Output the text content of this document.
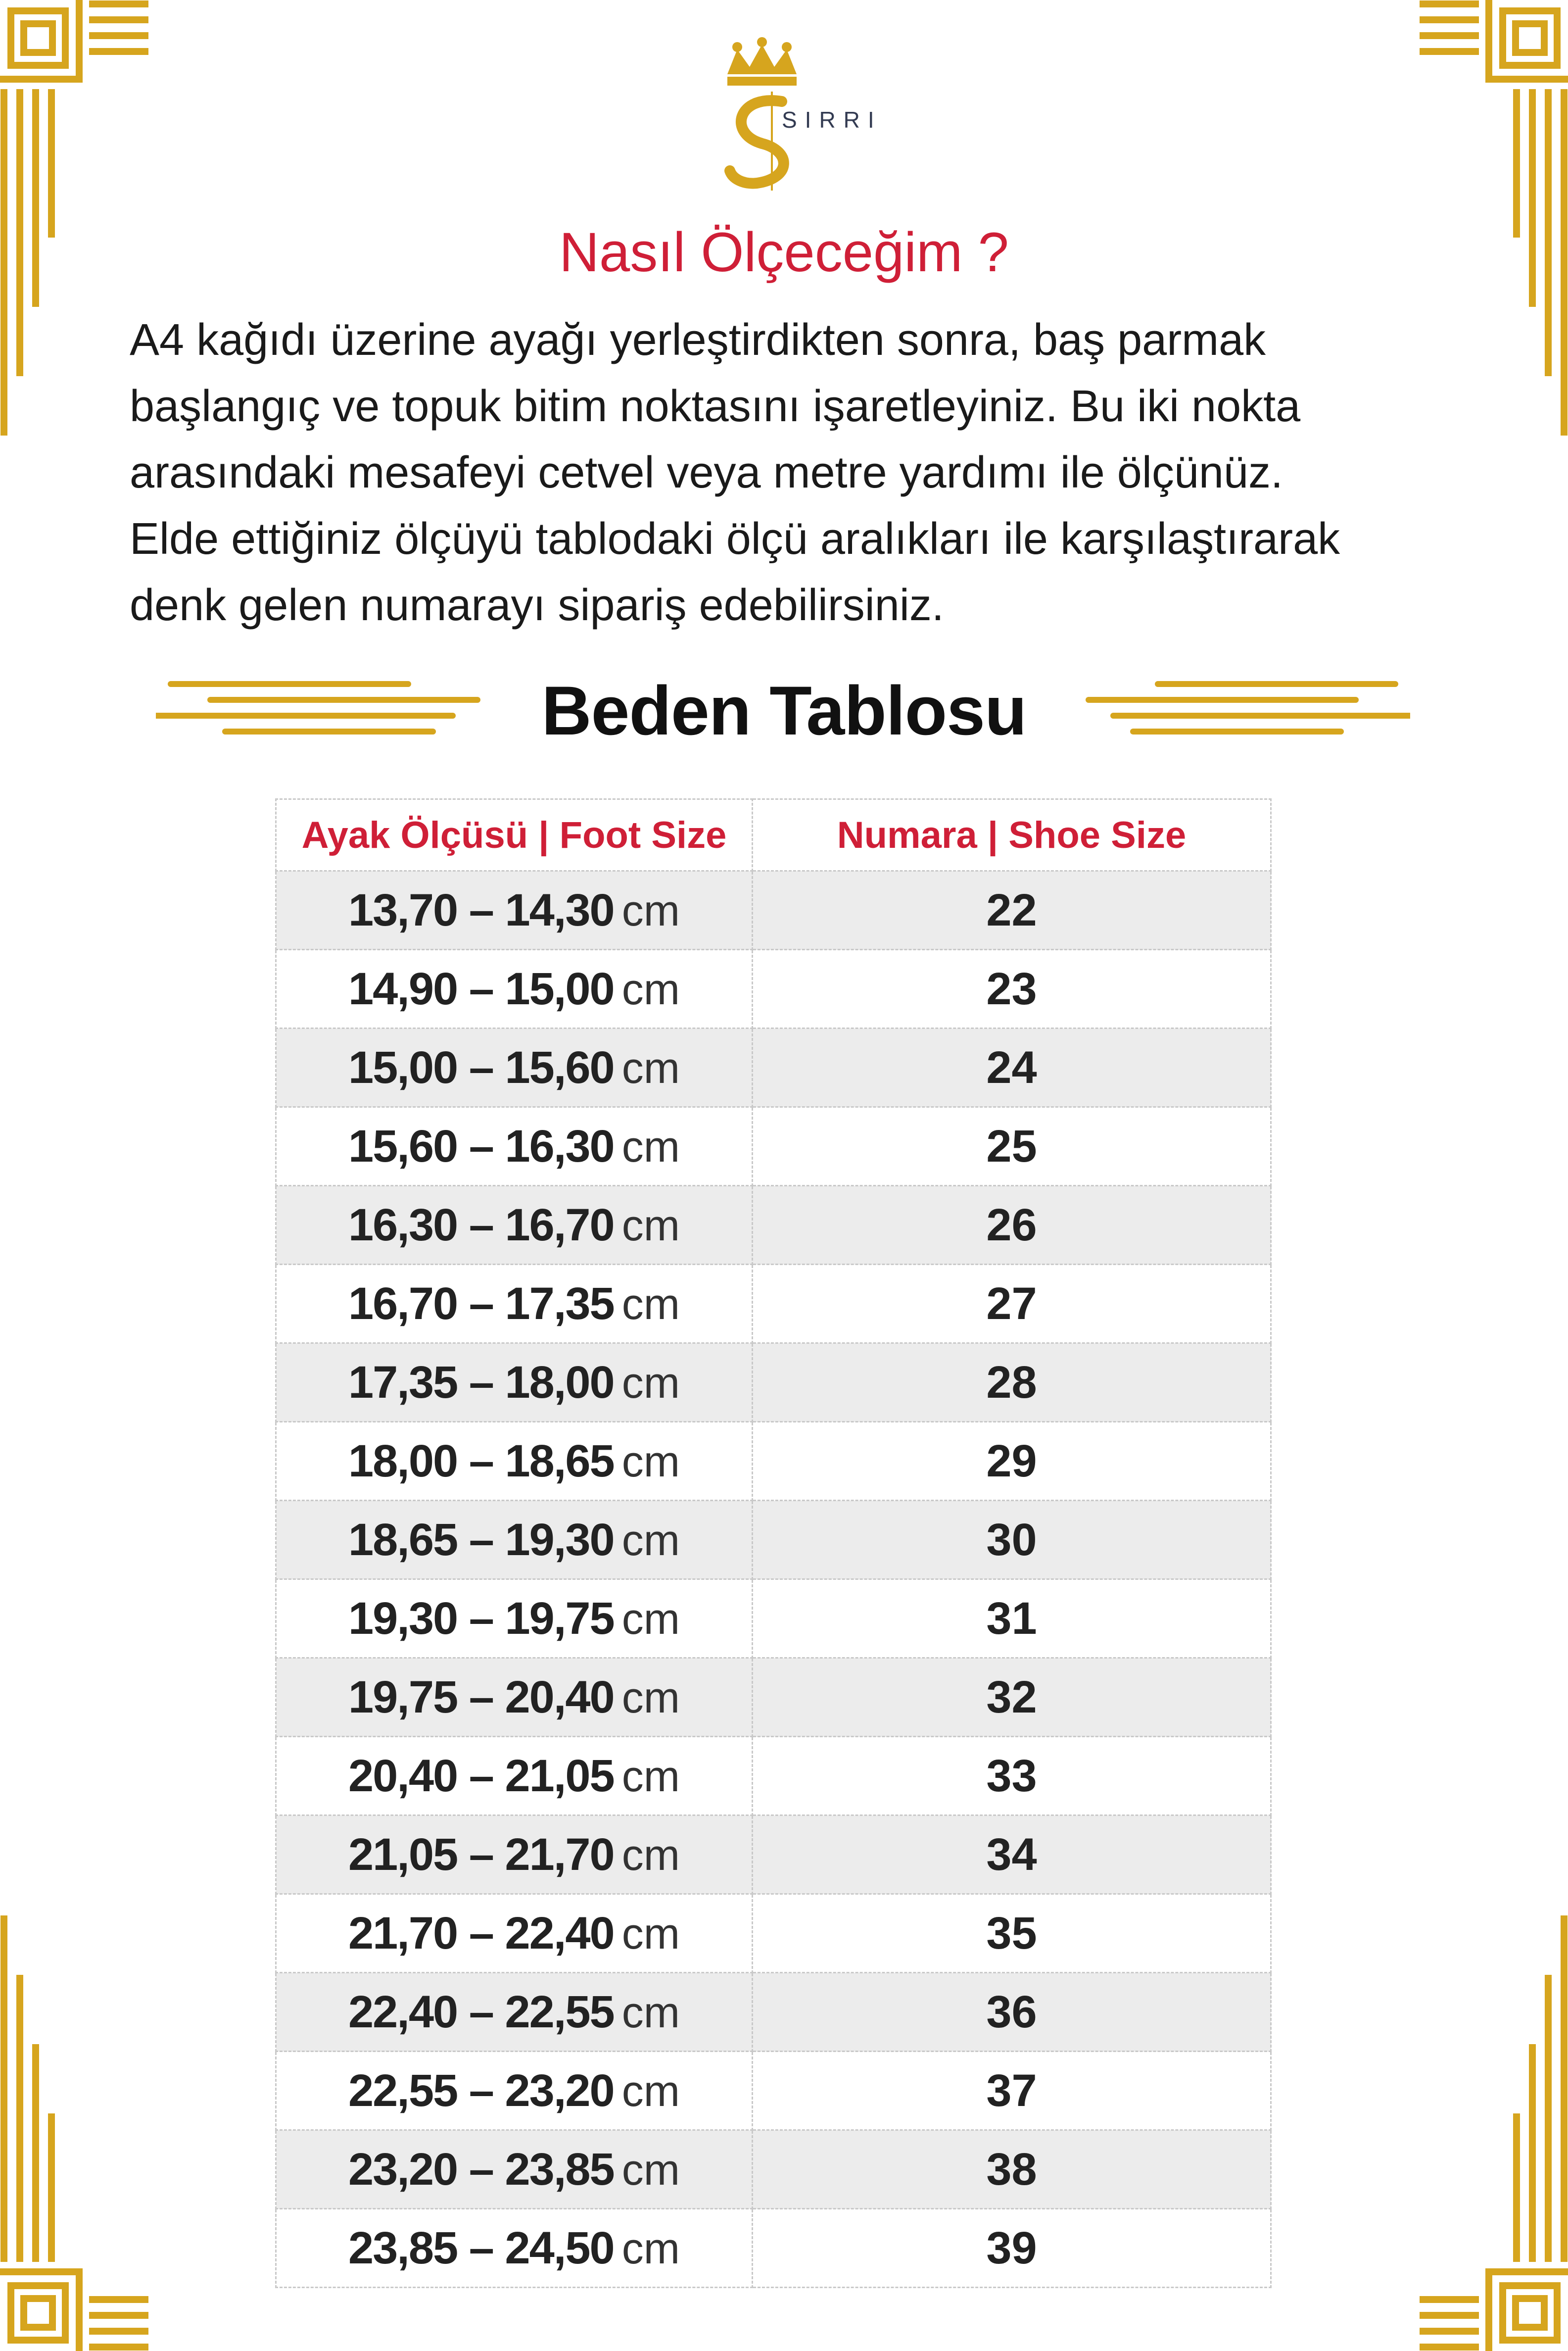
SIRRI
Nasıl Ölçeceğim ?

A4 kağıdı üzerine ayağı yerleştirdikten sonra, baş parmak
başlangıç ve topuk bitim noktasını işaretleyiniz. Bu iki nokta
arasındaki mesafeyi cetvel veya metre yardımı ile ölçünüz.
Elde ettiğiniz ölçüyü tablodaki ölçü aralıkları ile karşılaştırarak
denk gelen numarayı sipariş edebilirsiniz.

Beden Tablosu
Ayak Ölçüsü | Foot Size	Numara | Shoe Size
13,70 – 14,30 cm	22
14,90 – 15,00 cm	23
15,00 – 15,60 cm	24
15,60 – 16,30 cm	25
16,30 – 16,70 cm	26
16,70 – 17,35 cm	27
17,35 – 18,00 cm	28
18,00 – 18,65 cm	29
18,65 – 19,30 cm	30
19,30 – 19,75 cm	31
19,75 – 20,40 cm	32
20,40 – 21,05 cm	33
21,05 – 21,70 cm	34
21,70 – 22,40 cm	35
22,40 – 22,55 cm	36
22,55 – 23,20 cm	37
23,20 – 23,85 cm	38
23,85 – 24,50 cm	39
